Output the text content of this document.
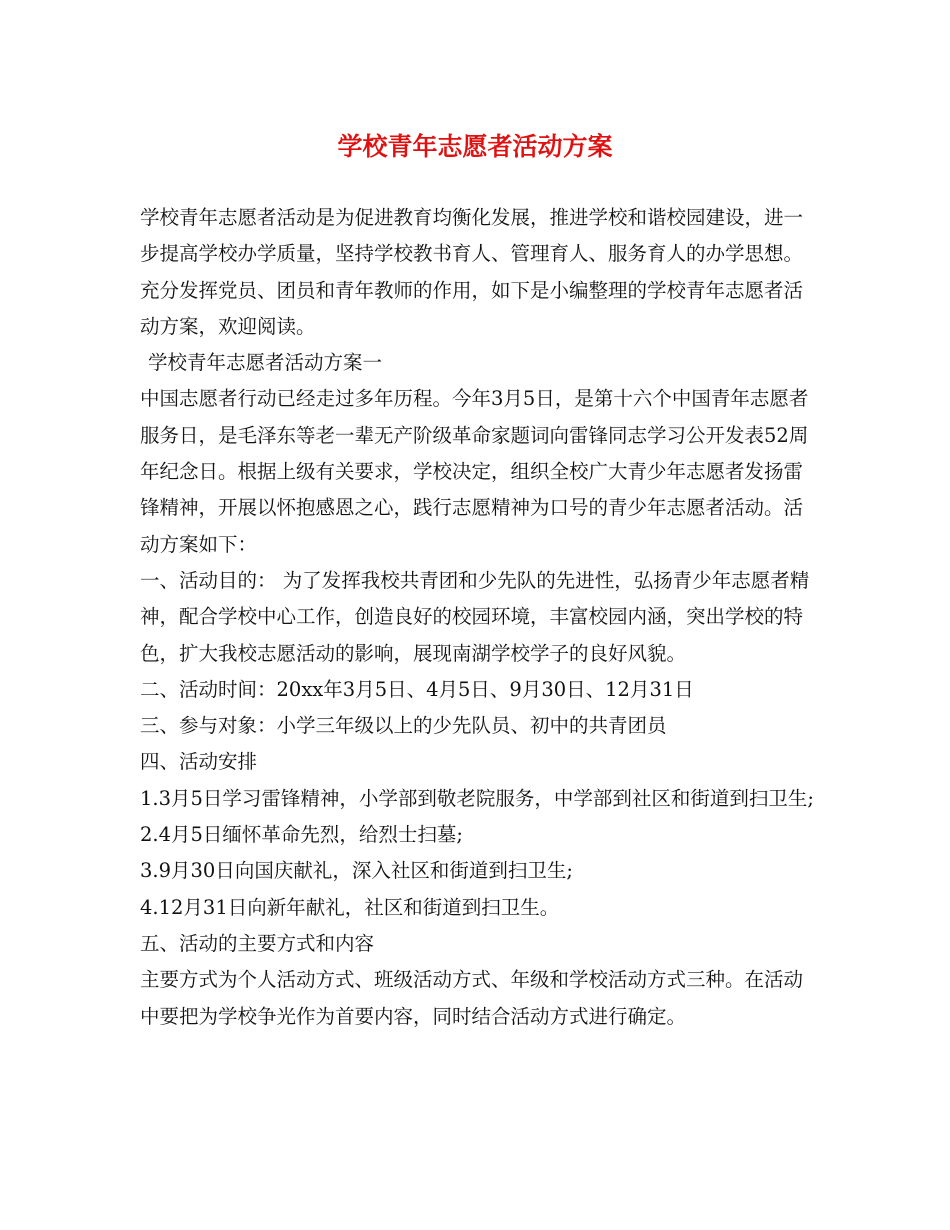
学校青年志愿者活动方案

学校青年志愿者活动是为促进教育均衡化发展，推进学校和谐校园建设，进一步提高学校办学质量，坚持学校教书育人、管理育人、服务育人的办学思想。充分发挥党员、团员和青年教师的作用，如下是小编整理的学校青年志愿者活动方案，欢迎阅读。

学校青年志愿者活动方案一

中国志愿者行动已经走过多年历程。今年3月5日，是第十六个中国青年志愿者服务日，是毛泽东等老一辈无产阶级革命家题词向雷锋同志学习公开发表52周年纪念日。根据上级有关要求，学校决定，组织全校广大青少年志愿者发扬雷锋精神，开展以怀抱感恩之心，践行志愿精神为口号的青少年志愿者活动。活动方案如下：

一、活动目的： 为了发挥我校共青团和少先队的先进性，弘扬青少年志愿者精神，配合学校中心工作，创造良好的校园环境，丰富校园内涵，突出学校的特色，扩大我校志愿活动的影响，展现南湖学校学子的良好风貌。

二、活动时间：20xx年3月5日、4月5日、9月30日、12月31日

三、参与对象：小学三年级以上的少先队员、初中的共青团员

四、活动安排

1.3月5日学习雷锋精神，小学部到敬老院服务，中学部到社区和街道到扫卫生;

2.4月5日缅怀革命先烈，给烈士扫墓;

3.9月30日向国庆献礼，深入社区和街道到扫卫生;

4.12月31日向新年献礼，社区和街道到扫卫生。

五、活动的主要方式和内容

主要方式为个人活动方式、班级活动方式、年级和学校活动方式三种。在活动中要把为学校争光作为首要内容，同时结合活动方式进行确定。
